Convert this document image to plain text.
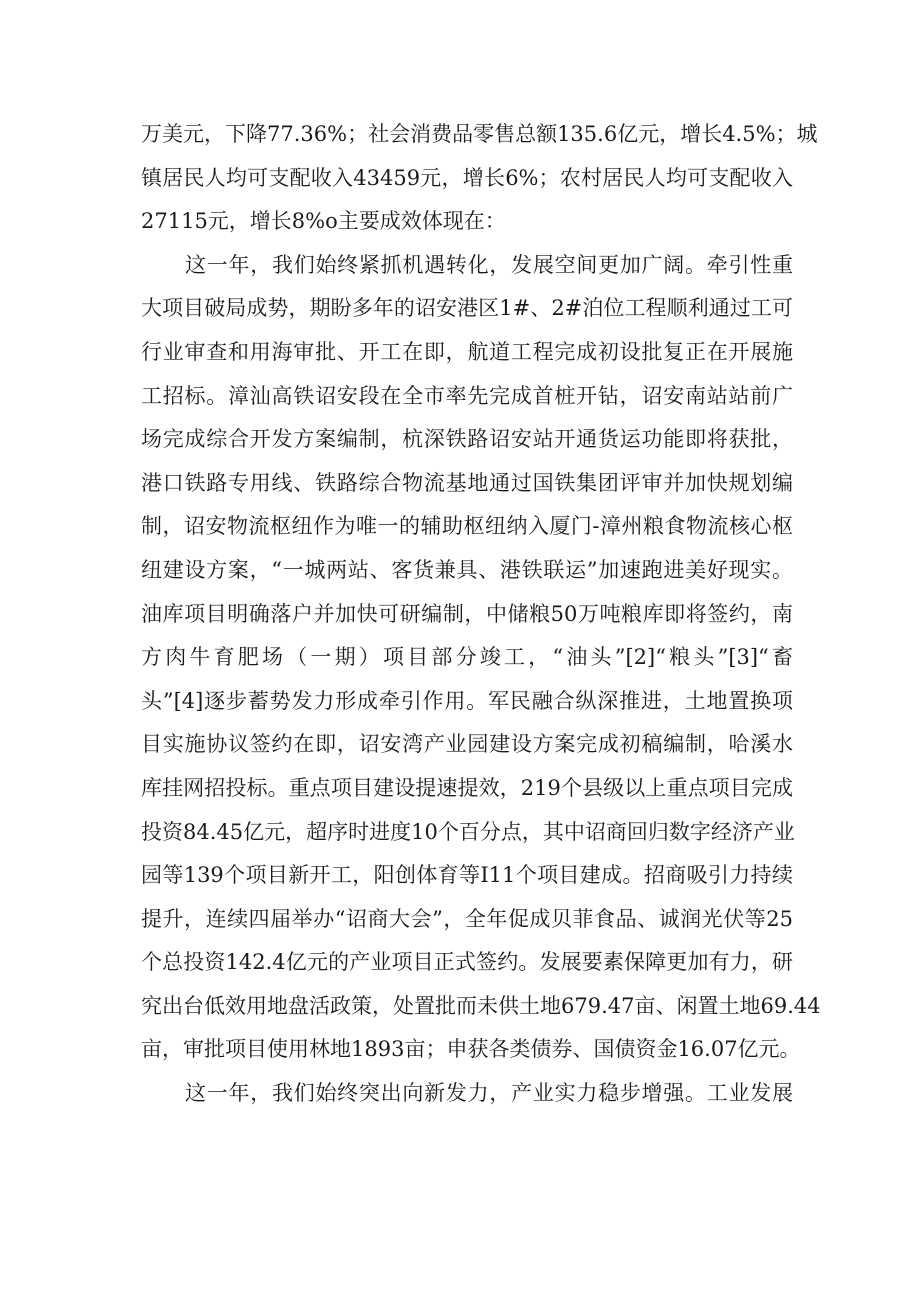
万美元，下降77.36%；社会消费品零售总额135.6亿元，增长4.5%；城
镇居民人均可支配收入43459元，增长6%；农村居民人均可支配收入
27115元，增长8%o主要成效体现在：
这一年，我们始终紧抓机遇转化，发展空间更加广阔。牵引性重
大项目破局成势，期盼多年的诏安港区1#、2#泊位工程顺利通过工可
行业审查和用海审批、开工在即，航道工程完成初设批复正在开展施
工招标。漳汕高铁诏安段在全市率先完成首桩开钻，诏安南站站前广
场完成综合开发方案编制，杭深铁路诏安站开通货运功能即将获批，
港口铁路专用线、铁路综合物流基地通过国铁集团评审并加快规划编
制，诏安物流枢纽作为唯一的辅助枢纽纳入厦门-漳州粮食物流核心枢
纽建设方案，“一城两站、客货兼具、港铁联运”加速跑进美好现实。
油库项目明确落户并加快可研编制，中储粮50万吨粮库即将签约，南
方肉牛育肥场（一期）项目部分竣工，“油头”[2]“粮头”[3]“畜
头”[4]逐步蓄势发力形成牵引作用。军民融合纵深推进，土地置换项
目实施协议签约在即，诏安湾产业园建设方案完成初稿编制，哈溪水
库挂网招投标。重点项目建设提速提效，219个县级以上重点项目完成
投资84.45亿元，超序时进度10个百分点，其中诏商回归数字经济产业
园等139个项目新开工，阳创体育等I11个项目建成。招商吸引力持续
提升，连续四届举办“诏商大会”，全年促成贝菲食品、诚润光伏等25
个总投资142.4亿元的产业项目正式签约。发展要素保障更加有力，研
究出台低效用地盘活政策，处置批而未供土地679.47亩、闲置土地69.44
亩，审批项目使用林地1893亩；申获各类债券、国债资金16.07亿元。
这一年，我们始终突出向新发力，产业实力稳步增强。工业发展
